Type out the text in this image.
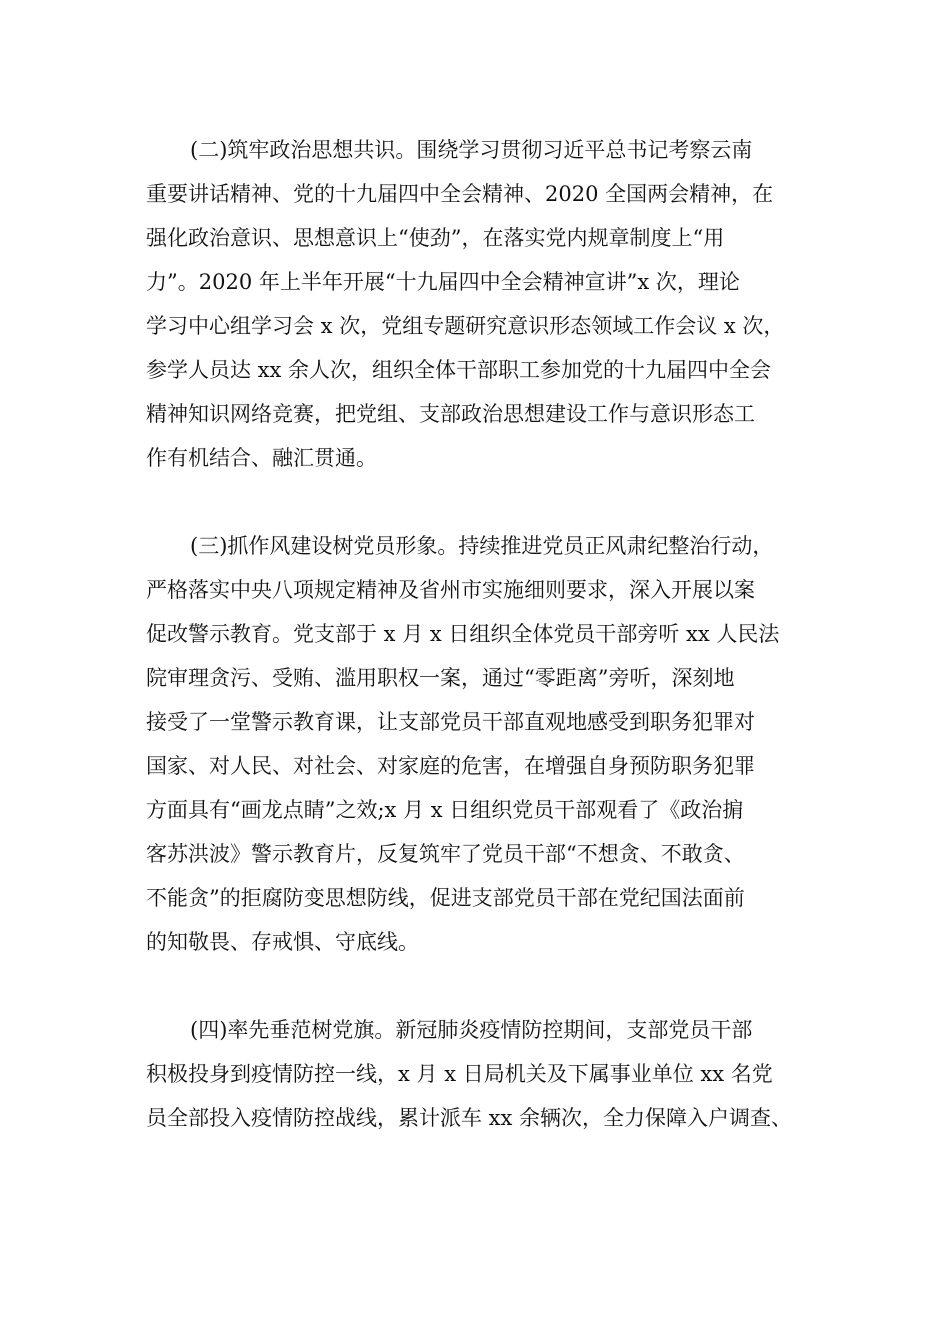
(二)筑牢政治思想共识。围绕学习贯彻习近平总书记考察云南
重要讲话精神、党的十九届四中全会精神、2020 全国两会精神，在
强化政治意识、思想意识上“使劲”，在落实党内规章制度上“用
力”。2020 年上半年开展“十九届四中全会精神宣讲”x 次，理论
学习中心组学习会 x 次，党组专题研究意识形态领域工作会议 x 次，
参学人员达 xx 余人次，组织全体干部职工参加党的十九届四中全会
精神知识网络竞赛，把党组、支部政治思想建设工作与意识形态工
作有机结合、融汇贯通。
(三)抓作风建设树党员形象。持续推进党员正风肃纪整治行动，
严格落实中央八项规定精神及省州市实施细则要求，深入开展以案
促改警示教育。党支部于 x 月 x 日组织全体党员干部旁听 xx 人民法
院审理贪污、受贿、滥用职权一案，通过“零距离”旁听，深刻地
接受了一堂警示教育课，让支部党员干部直观地感受到职务犯罪对
国家、对人民、对社会、对家庭的危害，在增强自身预防职务犯罪
方面具有“画龙点睛”之效;x 月 x 日组织党员干部观看了《政治掮
客苏洪波》警示教育片，反复筑牢了党员干部“不想贪、不敢贪、
不能贪”的拒腐防变思想防线，促进支部党员干部在党纪国法面前
的知敬畏、存戒惧、守底线。
(四)率先垂范树党旗。新冠肺炎疫情防控期间，支部党员干部
积极投身到疫情防控一线，x 月 x 日局机关及下属事业单位 xx 名党
员全部投入疫情防控战线，累计派车 xx 余辆次，全力保障入户调查、
